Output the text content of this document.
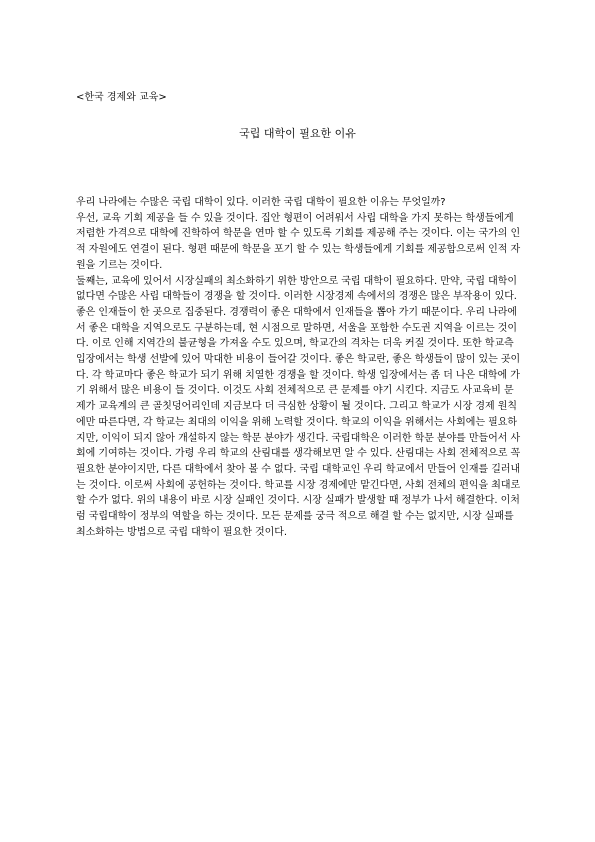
<한국 경제와 교육>
국립 대학이 필요한 이유

우리 나라에는 수많은 국립 대학이 있다. 이러한 국립 대학이 필요한 이유는 무엇일까?

우선, 교육 기회 제공을 들 수 있을 것이다. 집안 형편이 어려워서 사립 대학을 가지 못하는 학생들에게 저렴한 가격으로 대학에 진학하여 학문을 연마 할 수 있도록 기회를 제공해 주는 것이다. 이는 국가의 인적 자원에도 연결이 된다. 형편 때문에 학문을 포기 할 수 있는 학생들에게 기회를 제공함으로써 인적 자원을 기르는 것이다.

둘째는, 교육에 있어서 시장실패의 최소화하기 위한 방안으로 국립 대학이 필요하다. 만약, 국립 대학이 없다면 수많은 사립 대학들이 경쟁을 할 것이다. 이러한 시장경제 속에서의 경쟁은 많은 부작용이 있다.

좋은 인재들이 한 곳으로 집중된다. 경쟁력이 좋은 대학에서 인재들을 뽑아 가기 때문이다. 우리 나라에서 좋은 대학을 지역으로도 구분하는데, 현 시점으로 말하면, 서울을 포함한 수도권 지역을 이르는 것이다. 이로 인해 지역간의 불균형을 가져올 수도 있으며, 학교간의 격차는 더욱 커질 것이다. 또한 학교측 입장에서는 학생 선발에 있어 막대한 비용이 들어갈 것이다. 좋은 학교란, 좋은 학생들이 많이 있는 곳이다. 각 학교마다 좋은 학교가 되기 위해 치열한 경쟁을 할 것이다. 학생 입장에서는 좀 더 나은 대학에 가기 위해서 많은 비용이 들 것이다. 이것도 사회 전체적으로 큰 문제를 야기 시킨다. 지금도 사교육비 문제가 교육계의 큰 골칫덩어리인데 지금보다 더 극심한 상황이 될 것이다. 그리고 학교가 시장 경제 원칙에만 따른다면, 각 학교는 최대의 이익을 위해 노력할 것이다. 학교의 이익을 위해서는 사회에는 필요하지만, 이익이 되지 않아 개설하지 않는 학문 분야가 생긴다. 국립대학은 이러한 학문 분야를 만들어서 사회에 기여하는 것이다. 가령 우리 학교의 산림대를 생각해보면 알 수 있다. 산림대는 사회 전체적으로 꼭 필요한 분야이지만, 다른 대학에서 찾아 볼 수 없다. 국립 대학교인 우리 학교에서 만들어 인재를 길러내는 것이다. 이로써 사회에 공헌하는 것이다. 학교를 시장 경제에만 맡긴다면, 사회 전체의 편익을 최대로 할 수가 없다. 위의 내용이 바로 시장 실패인 것이다. 시장 실패가 발생할 때 정부가 나서 해결한다. 이처럼 국립대학이 정부의 역할을 하는 것이다. 모든 문제를 궁극 적으로 해결 할 수는 없지만, 시장 실패를 최소화하는 방법으로 국립 대학이 필요한 것이다.
